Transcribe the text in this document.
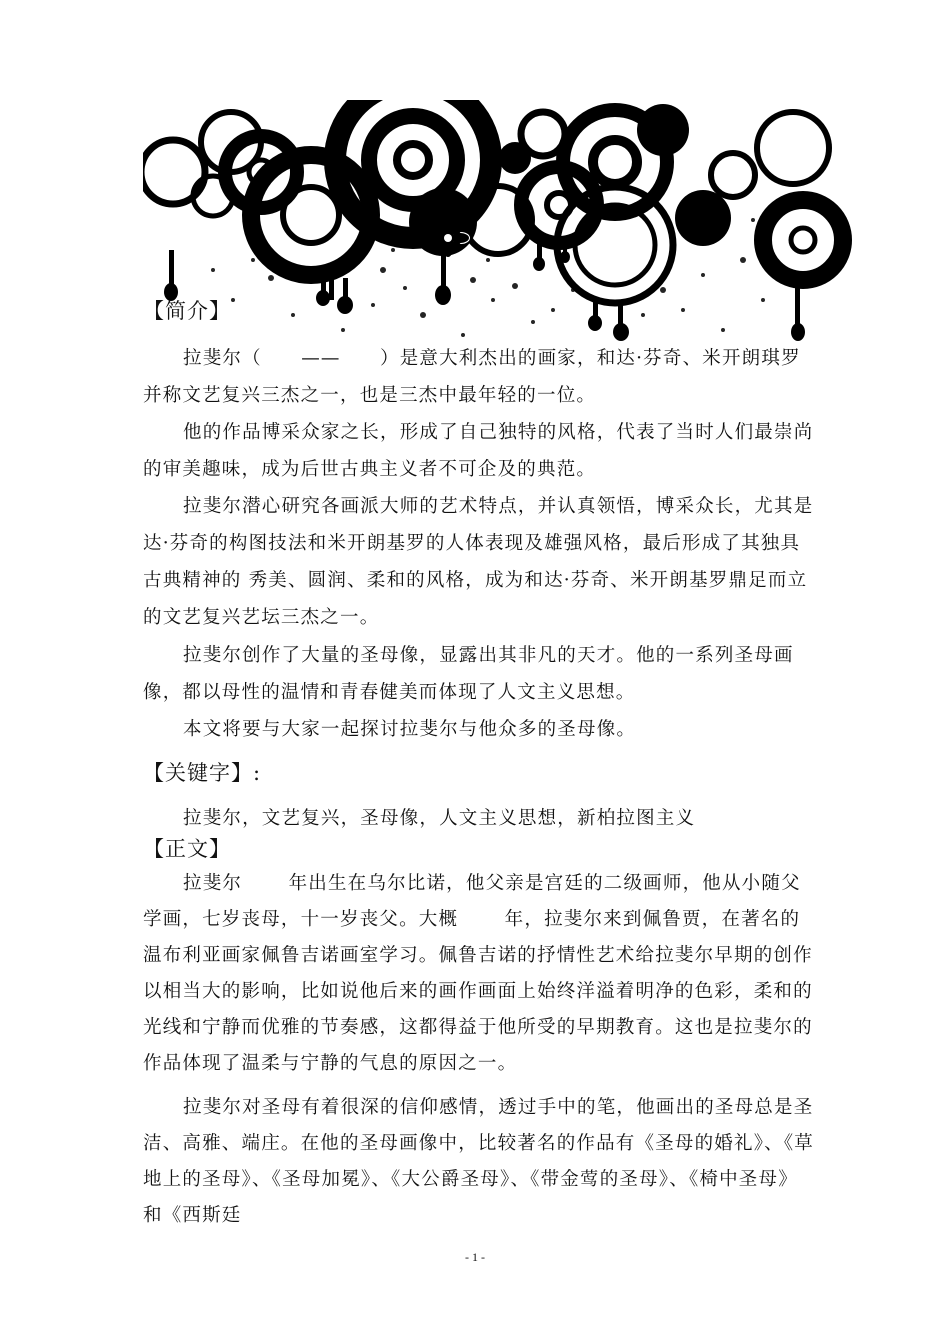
【简介】
拉斐尔（　　——　　）是意大利杰出的画家，和达·芬奇、米开朗琪罗并称文艺复兴三杰之一，也是三杰中最年轻的一位。
他的作品博采众家之长，形成了自己独特的风格，代表了当时人们最崇尚的审美趣味，成为后世古典主义者不可企及的典范。
拉斐尔潜心研究各画派大师的艺术特点，并认真领悟，博采众长，尤其是达·芬奇的构图技法和米开朗基罗的人体表现及雄强风格，最后形成了其独具古典精神的 秀美、圆润、柔和的风格，成为和达·芬奇、米开朗基罗鼎足而立的文艺复兴艺坛三杰之一。
拉斐尔创作了大量的圣母像，显露出其非凡的天才。他的一系列圣母画像，都以母性的温情和青春健美而体现了人文主义思想。
本文将要与大家一起探讨拉斐尔与他众多的圣母像。
【关键字】:
拉斐尔，文艺复兴，圣母像，人文主义思想，新柏拉图主义
【正文】
拉斐尔　　 年出生在乌尔比诺，他父亲是宫廷的二级画师，他从小随父学画，七岁丧母，十一岁丧父。大概　　 年，拉斐尔来到佩鲁贾，在著名的温布利亚画家佩鲁吉诺画室学习。佩鲁吉诺的抒情性艺术给拉斐尔早期的创作以相当大的影响，比如说他后来的画作画面上始终洋溢着明净的色彩，柔和的光线和宁静而优雅的节奏感，这都得益于他所受的早期教育。这也是拉斐尔的作品体现了温柔与宁静的气息的原因之一。
拉斐尔对圣母有着很深的信仰感情，透过手中的笔，他画出的圣母总是圣洁、高雅、端庄。在他的圣母画像中，比较著名的作品有《圣母的婚礼》、《草地上的圣母》、《圣母加冕》、《大公爵圣母》、《带金莺的圣母》、《椅中圣母》和《西斯廷
- 1 -
